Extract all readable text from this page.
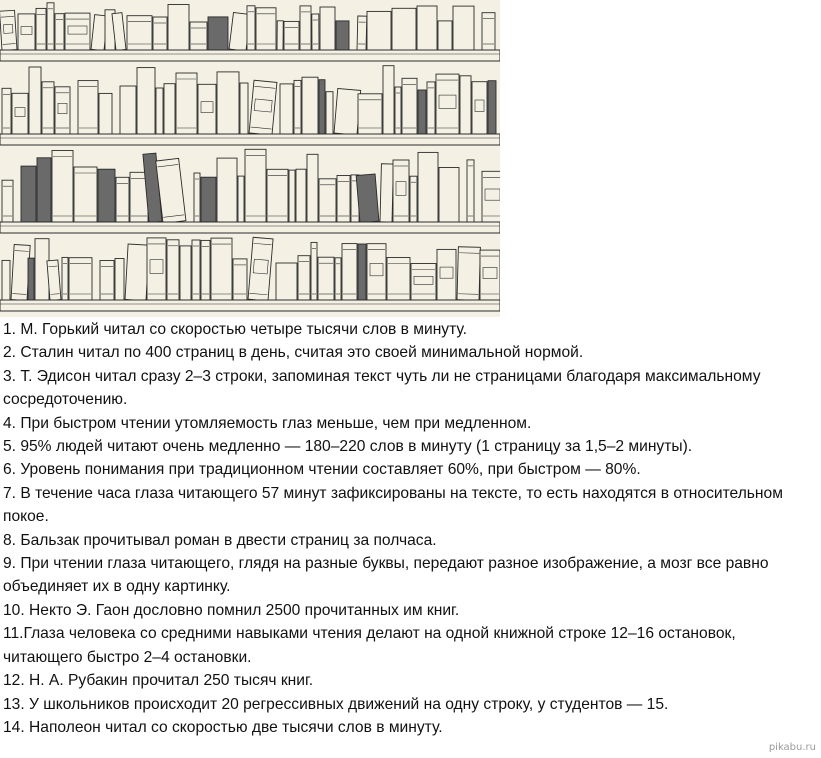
1. М. Горький читал со скоростью четыре тысячи слов в минуту.

2. Сталин читал по 400 страниц в день, считая это своей минимальной нормой.

3. Т. Эдисон читал сразу 2–3 строки, запоминая текст чуть ли не страницами благодаря максимальному сосредоточению.

4. При быстром чтении утомляемость глаз меньше, чем при медленном.

5. 95% людей читают очень медленно — 180–220 слов в минуту (1 страницу за 1,5–2 минуты).

6. Уровень понимания при традиционном чтении составляет 60%, при быстром — 80%.

7. В течение часа глаза читающего 57 минут зафиксированы на тексте, то есть находятся в относительном покое.

8. Бальзак прочитывал роман в двести страниц за полчаса.

9. При чтении глаза читающего, глядя на разные буквы, передают разное изображение, а мозг все равно объединяет их в одну картинку.

10. Некто Э. Гаон дословно помнил 2500 прочитанных им книг.

11.Глаза человека со средними навыками чтения делают на одной книжной строке 12–16 остановок, читающего быстро 2–4 остановки.

12. Н. А. Рубакин прочитал 250 тысяч книг.

13. У школьников происходит 20 регрессивных движений на одну строку, у студентов — 15.

14. Наполеон читал со скоростью две тысячи слов в минуту.

pikabu.ru
